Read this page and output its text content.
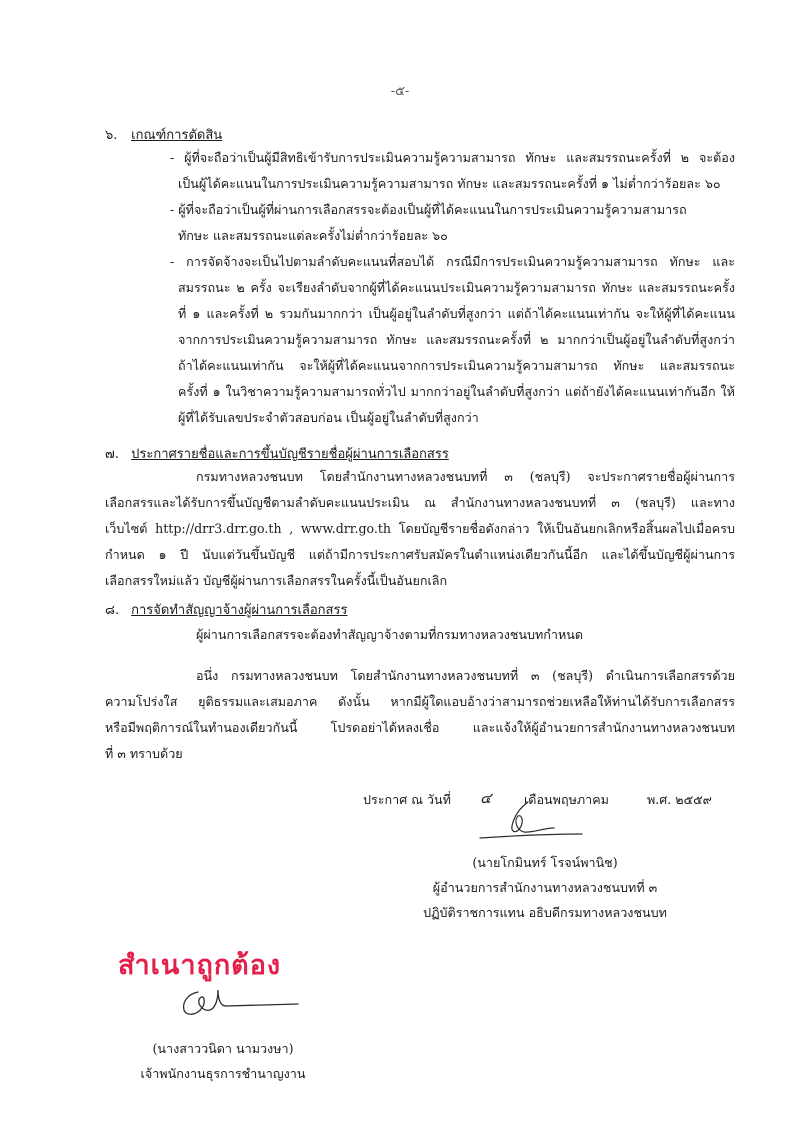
-๕-
๖. เกณฑ์การตัดสิน
- ผู้ที่จะถือว่าเป็นผู้มีสิทธิเข้ารับการประเมินความรู้ความสามารถ ทักษะ และสมรรถนะครั้งที่ ๒ จะต้อง
เป็นผู้ได้คะแนนในการประเมินความรู้ความสามารถ ทักษะ และสมรรถนะครั้งที่ ๑ ไม่ต่ำกว่าร้อยละ ๖๐
- ผู้ที่จะถือว่าเป็นผู้ที่ผ่านการเลือกสรรจะต้องเป็นผู้ที่ได้คะแนนในการประเมินความรู้ความสามารถ
ทักษะ และสมรรถนะแต่ละครั้งไม่ต่ำกว่าร้อยละ ๖๐
- การจัดจ้างจะเป็นไปตามลำดับคะแนนที่สอบได้ กรณีมีการประเมินความรู้ความสามารถ ทักษะ และ
สมรรถนะ ๒ ครั้ง จะเรียงลำดับจากผู้ที่ได้คะแนนประเมินความรู้ความสามารถ ทักษะ และสมรรถนะครั้ง
ที่ ๑ และครั้งที่ ๒ รวมกันมากกว่า เป็นผู้อยู่ในลำดับที่สูงกว่า แต่ถ้าได้คะแนนเท่ากัน จะให้ผู้ที่ได้คะแนน
จากการประเมินความรู้ความสามารถ ทักษะ และสมรรถนะครั้งที่ ๒ มากกว่าเป็นผู้อยู่ในลำดับที่สูงกว่า
ถ้าได้คะแนนเท่ากัน จะให้ผู้ที่ได้คะแนนจากการประเมินความรู้ความสามารถ ทักษะ และสมรรถนะ
ครั้งที่ ๑ ในวิชาความรู้ความสามารถทั่วไป มากกว่าอยู่ในลำดับที่สูงกว่า แต่ถ้ายังได้คะแนนเท่ากันอีก ให้
ผู้ที่ได้รับเลขประจำตัวสอบก่อน เป็นผู้อยู่ในลำดับที่สูงกว่า
๗. ประกาศรายชื่อและการขึ้นบัญชีรายชื่อผู้ผ่านการเลือกสรร
กรมทางหลวงชนบท โดยสำนักงานทางหลวงชนบทที่ ๓ (ชลบุรี) จะประกาศรายชื่อผู้ผ่านการ
เลือกสรรและได้รับการขึ้นบัญชีตามลำดับคะแนนประเมิน ณ สำนักงานทางหลวงชนบทที่ ๓ (ชลบุรี) และทาง
เว็บไซต์ http://drr3.drr.go.th , www.drr.go.th โดยบัญชีรายชื่อดังกล่าว ให้เป็นอันยกเลิกหรือสิ้นผลไปเมื่อครบ
กำหนด ๑ ปี นับแต่วันขึ้นบัญชี แต่ถ้ามีการประกาศรับสมัครในตำแหน่งเดียวกันนี้อีก และได้ขึ้นบัญชีผู้ผ่านการ
เลือกสรรใหม่แล้ว บัญชีผู้ผ่านการเลือกสรรในครั้งนี้เป็นอันยกเลิก
๘. การจัดทำสัญญาจ้างผู้ผ่านการเลือกสรร
ผู้ผ่านการเลือกสรรจะต้องทำสัญญาจ้างตามที่กรมทางหลวงชนบทกำหนด
อนึ่ง กรมทางหลวงชนบท โดยสำนักงานทางหลวงชนบทที่ ๓ (ชลบุรี) ดำเนินการเลือกสรรด้วย
ความโปร่งใส ยุติธรรมและเสมอภาค ดังนั้น หากมีผู้ใดแอบอ้างว่าสามารถช่วยเหลือให้ท่านได้รับการเลือกสรร
หรือมีพฤติการณ์ในทำนองเดียวกันนี้ โปรดอย่าได้หลงเชื่อ และแจ้งให้ผู้อำนวยการสำนักงานทางหลวงชนบท
ที่ ๓ ทราบด้วย
ประกาศ ณ วันที่ ๔	เดือนพฤษภาคม	พ.ศ. ๒๕๕๙
(นายโกมินทร์ โรจน์พานิช)
ผู้อำนวยการสำนักงานทางหลวงชนบทที่ ๓
ปฏิบัติราชการแทน อธิบดีกรมทางหลวงชนบท
สำเนาถูกต้อง
(นางสาววนิดา นามวงษา)
เจ้าพนักงานธุรการชำนาญงาน
